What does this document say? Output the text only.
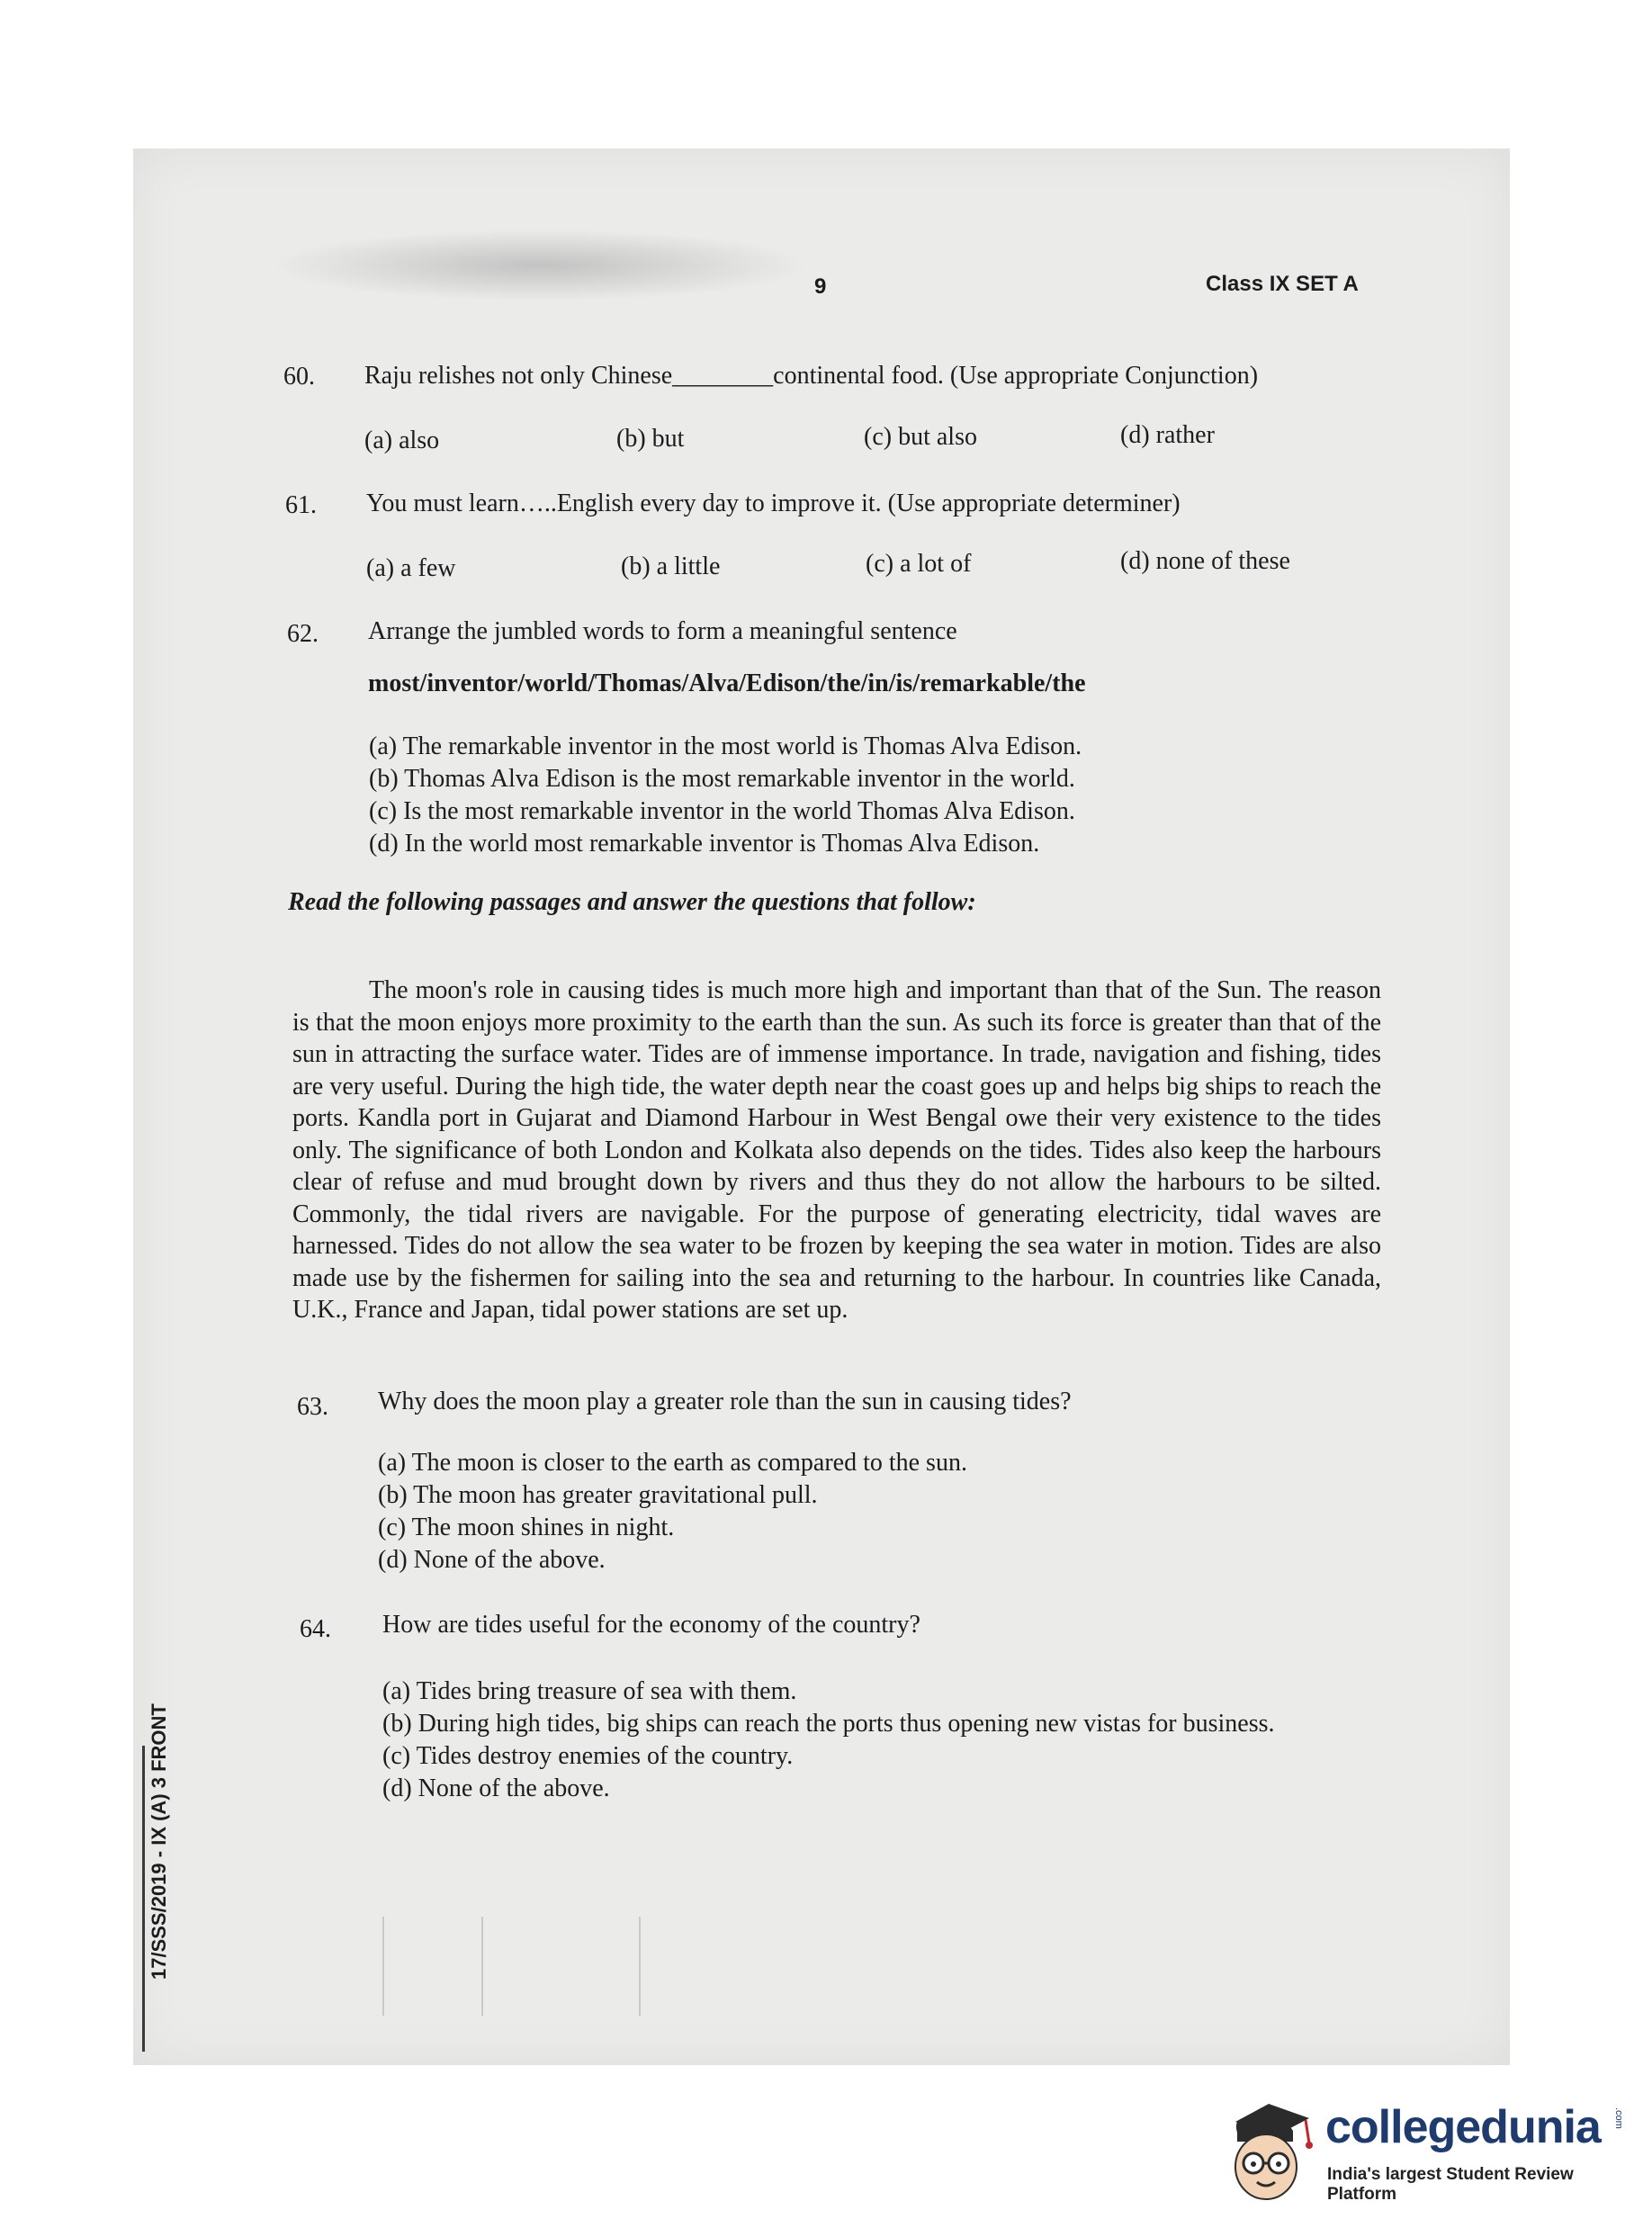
9	Class IX SET A
60. Raju relishes not only Chinese________continental food. (Use appropriate Conjunction)
(a) also	(b) but	(c) but also	(d) rather
61. You must learn…..English every day to improve it. (Use appropriate determiner)
(a) a few	(b) a little	(c) a lot of	(d) none of these
62. Arrange the jumbled words to form a meaningful sentence
most/inventor/world/Thomas/Alva/Edison/the/in/is/remarkable/the
(a) The remarkable inventor in the most world is Thomas Alva Edison.
(b) Thomas Alva Edison is the most remarkable inventor in the world.
(c) Is the most remarkable inventor in the world Thomas Alva Edison.
(d) In the world most remarkable inventor is Thomas Alva Edison.
Read the following passages and answer the questions that follow:
The moon's role in causing tides is much more high and important than that of the Sun. The reason is that the moon enjoys more proximity to the earth than the sun. As such its force is greater than that of the sun in attracting the surface water. Tides are of immense importance. In trade, navigation and fishing, tides are very useful. During the high tide, the water depth near the coast goes up and helps big ships to reach the ports. Kandla port in Gujarat and Diamond Harbour in West Bengal owe their very existence to the tides only. The significance of both London and Kolkata also depends on the tides. Tides also keep the harbours clear of refuse and mud brought down by rivers and thus they do not allow the harbours to be silted. Commonly, the tidal rivers are navigable. For the purpose of generating electricity, tidal waves are harnessed. Tides do not allow the sea water to be frozen by keeping the sea water in motion. Tides are also made use by the fishermen for sailing into the sea and returning to the harbour. In countries like Canada, U.K., France and Japan, tidal power stations are set up.
63. Why does the moon play a greater role than the sun in causing tides?
(a) The moon is closer to the earth as compared to the sun.
(b) The moon has greater gravitational pull.
(c) The moon shines in night.
(d) None of the above.
64. How are tides useful for the economy of the country?
(a) Tides bring treasure of sea with them.
(b) During high tides, big ships can reach the ports thus opening new vistas for business.
(c) Tides destroy enemies of the country.
(d) None of the above.
17/SSS/2019 - IX (A) 3 FRONT
collegedunia .com
India's largest Student Review Platform
